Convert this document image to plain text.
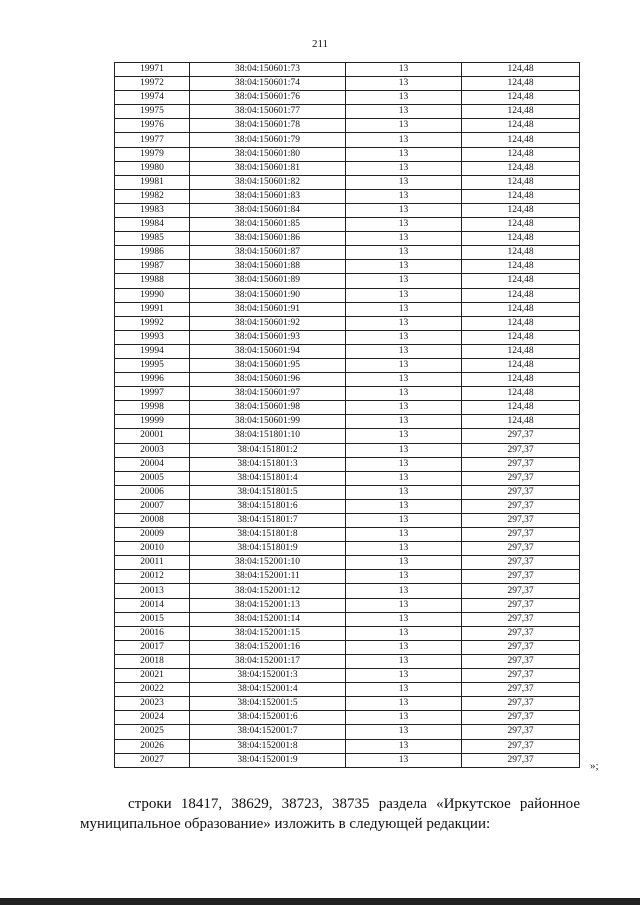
211
19971	38:04:150601:73	13	124,48
19972	38:04:150601:74	13	124,48
19974	38:04:150601:76	13	124,48
19975	38:04:150601:77	13	124,48
19976	38:04:150601:78	13	124,48
19977	38:04:150601:79	13	124,48
19979	38:04:150601:80	13	124,48
19980	38:04:150601:81	13	124,48
19981	38:04:150601:82	13	124,48
19982	38:04:150601:83	13	124,48
19983	38:04:150601:84	13	124,48
19984	38:04:150601:85	13	124,48
19985	38:04:150601:86	13	124,48
19986	38:04:150601:87	13	124,48
19987	38:04:150601:88	13	124,48
19988	38:04:150601:89	13	124,48
19990	38:04:150601:90	13	124,48
19991	38:04:150601:91	13	124,48
19992	38:04:150601:92	13	124,48
19993	38:04:150601:93	13	124,48
19994	38:04:150601:94	13	124,48
19995	38:04:150601:95	13	124,48
19996	38:04:150601:96	13	124,48
19997	38:04:150601:97	13	124,48
19998	38:04:150601:98	13	124,48
19999	38:04:150601:99	13	124,48
20001	38:04:151801:10	13	297,37
20003	38:04:151801:2	13	297,37
20004	38:04:151801:3	13	297,37
20005	38:04:151801:4	13	297,37
20006	38:04:151801:5	13	297,37
20007	38:04:151801:6	13	297,37
20008	38:04:151801:7	13	297,37
20009	38:04:151801:8	13	297,37
20010	38:04:151801:9	13	297,37
20011	38:04:152001:10	13	297,37
20012	38:04:152001:11	13	297,37
20013	38:04:152001:12	13	297,37
20014	38:04:152001:13	13	297,37
20015	38:04:152001:14	13	297,37
20016	38:04:152001:15	13	297,37
20017	38:04:152001:16	13	297,37
20018	38:04:152001:17	13	297,37
20021	38:04:152001:3	13	297,37
20022	38:04:152001:4	13	297,37
20023	38:04:152001:5	13	297,37
20024	38:04:152001:6	13	297,37
20025	38:04:152001:7	13	297,37
20026	38:04:152001:8	13	297,37
20027	38:04:152001:9	13	297,37
»;
строки 18417, 38629, 38723, 38735 раздела «Иркутское районное
муниципальное образование» изложить в следующей редакции:
